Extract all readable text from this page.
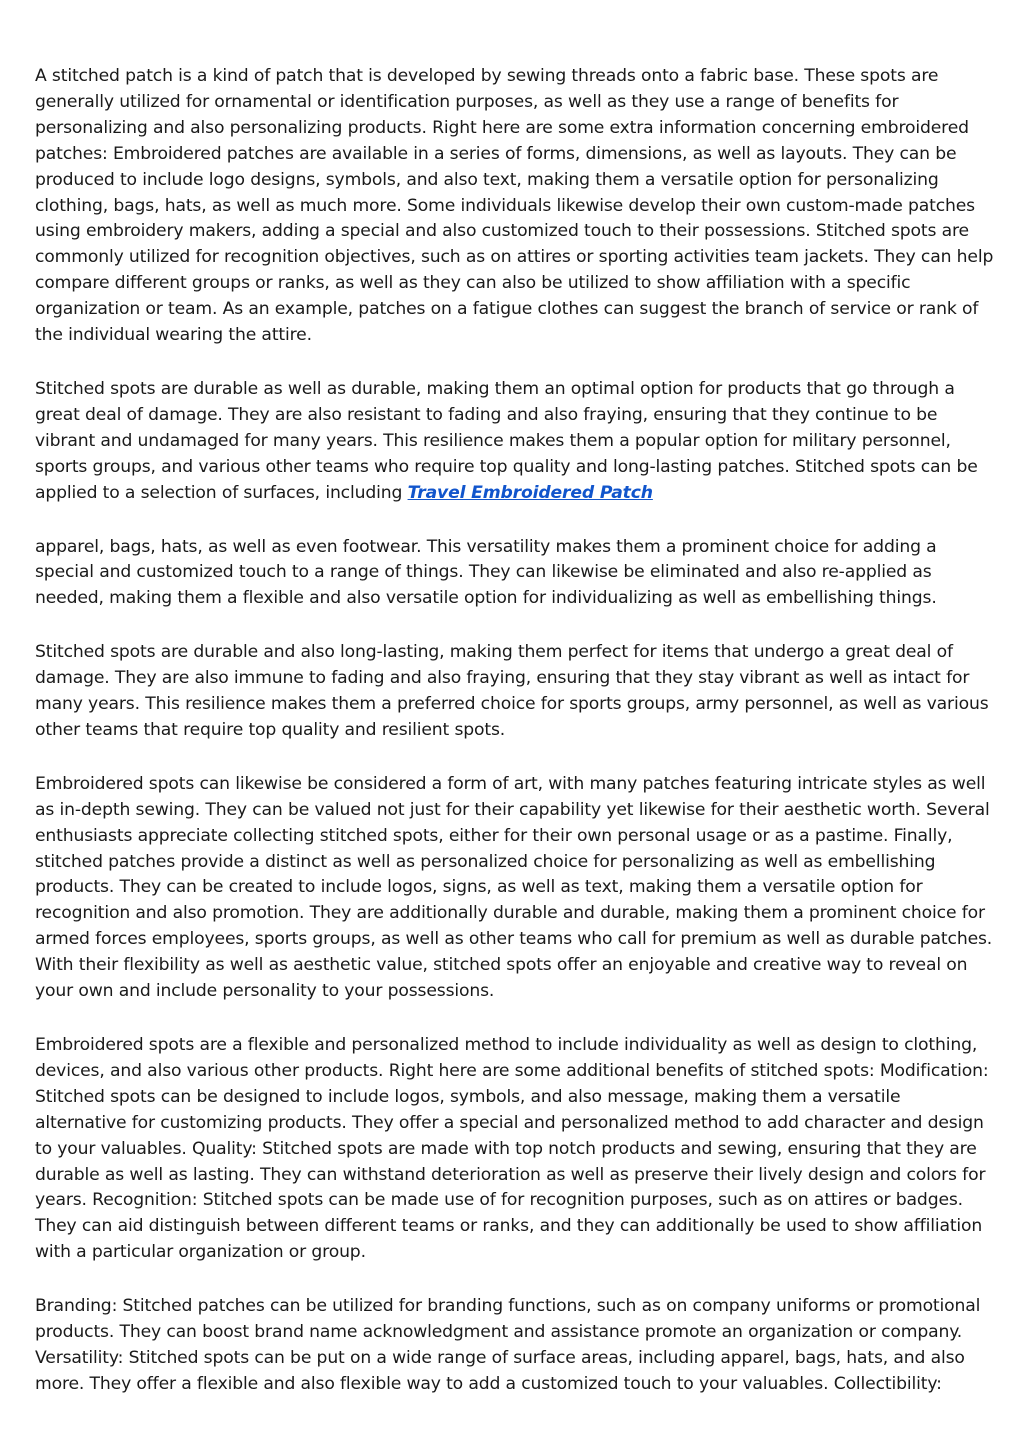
A stitched patch is a kind of patch that is developed by sewing threads onto a fabric base. These spots are generally utilized for ornamental or identification purposes, as well as they use a range of benefits for personalizing and also personalizing products. Right here are some extra information concerning embroidered patches: Embroidered patches are available in a series of forms, dimensions, as well as layouts. They can be produced to include logo designs, symbols, and also text, making them a versatile option for personalizing clothing, bags, hats, as well as much more. Some individuals likewise develop their own custom-made patches using embroidery makers, adding a special and also customized touch to their possessions. Stitched spots are commonly utilized for recognition objectives, such as on attires or sporting activities team jackets. They can help compare different groups or ranks, as well as they can also be utilized to show affiliation with a specific organization or team. As an example, patches on a fatigue clothes can suggest the branch of service or rank of the individual wearing the attire.

Stitched spots are durable as well as durable, making them an optimal option for products that go through a great deal of damage. They are also resistant to fading and also fraying, ensuring that they continue to be vibrant and undamaged for many years. This resilience makes them a popular option for military personnel, sports groups, and various other teams who require top quality and long-lasting patches. Stitched spots can be applied to a selection of surfaces, including Travel Embroidered Patch

apparel, bags, hats, as well as even footwear. This versatility makes them a prominent choice for adding a special and customized touch to a range of things. They can likewise be eliminated and also re-applied as needed, making them a flexible and also versatile option for individualizing as well as embellishing things.

Stitched spots are durable and also long-lasting, making them perfect for items that undergo a great deal of damage. They are also immune to fading and also fraying, ensuring that they stay vibrant as well as intact for many years. This resilience makes them a preferred choice for sports groups, army personnel, as well as various other teams that require top quality and resilient spots.

Embroidered spots can likewise be considered a form of art, with many patches featuring intricate styles as well as in-depth sewing. They can be valued not just for their capability yet likewise for their aesthetic worth. Several enthusiasts appreciate collecting stitched spots, either for their own personal usage or as a pastime. Finally, stitched patches provide a distinct as well as personalized choice for personalizing as well as embellishing products. They can be created to include logos, signs, as well as text, making them a versatile option for recognition and also promotion. They are additionally durable and durable, making them a prominent choice for armed forces employees, sports groups, as well as other teams who call for premium as well as durable patches. With their flexibility as well as aesthetic value, stitched spots offer an enjoyable and creative way to reveal on your own and include personality to your possessions.

Embroidered spots are a flexible and personalized method to include individuality as well as design to clothing, devices, and also various other products. Right here are some additional benefits of stitched spots: Modification: Stitched spots can be designed to include logos, symbols, and also message, making them a versatile alternative for customizing products. They offer a special and personalized method to add character and design to your valuables. Quality: Stitched spots are made with top notch products and sewing, ensuring that they are durable as well as lasting. They can withstand deterioration as well as preserve their lively design and colors for years. Recognition: Stitched spots can be made use of for recognition purposes, such as on attires or badges. They can aid distinguish between different teams or ranks, and they can additionally be used to show affiliation with a particular organization or group.

Branding: Stitched patches can be utilized for branding functions, such as on company uniforms or promotional products. They can boost brand name acknowledgment and assistance promote an organization or company. Versatility: Stitched spots can be put on a wide range of surface areas, including apparel, bags, hats, and also more. They offer a flexible and also flexible way to add a customized touch to your valuables. Collectibility:
